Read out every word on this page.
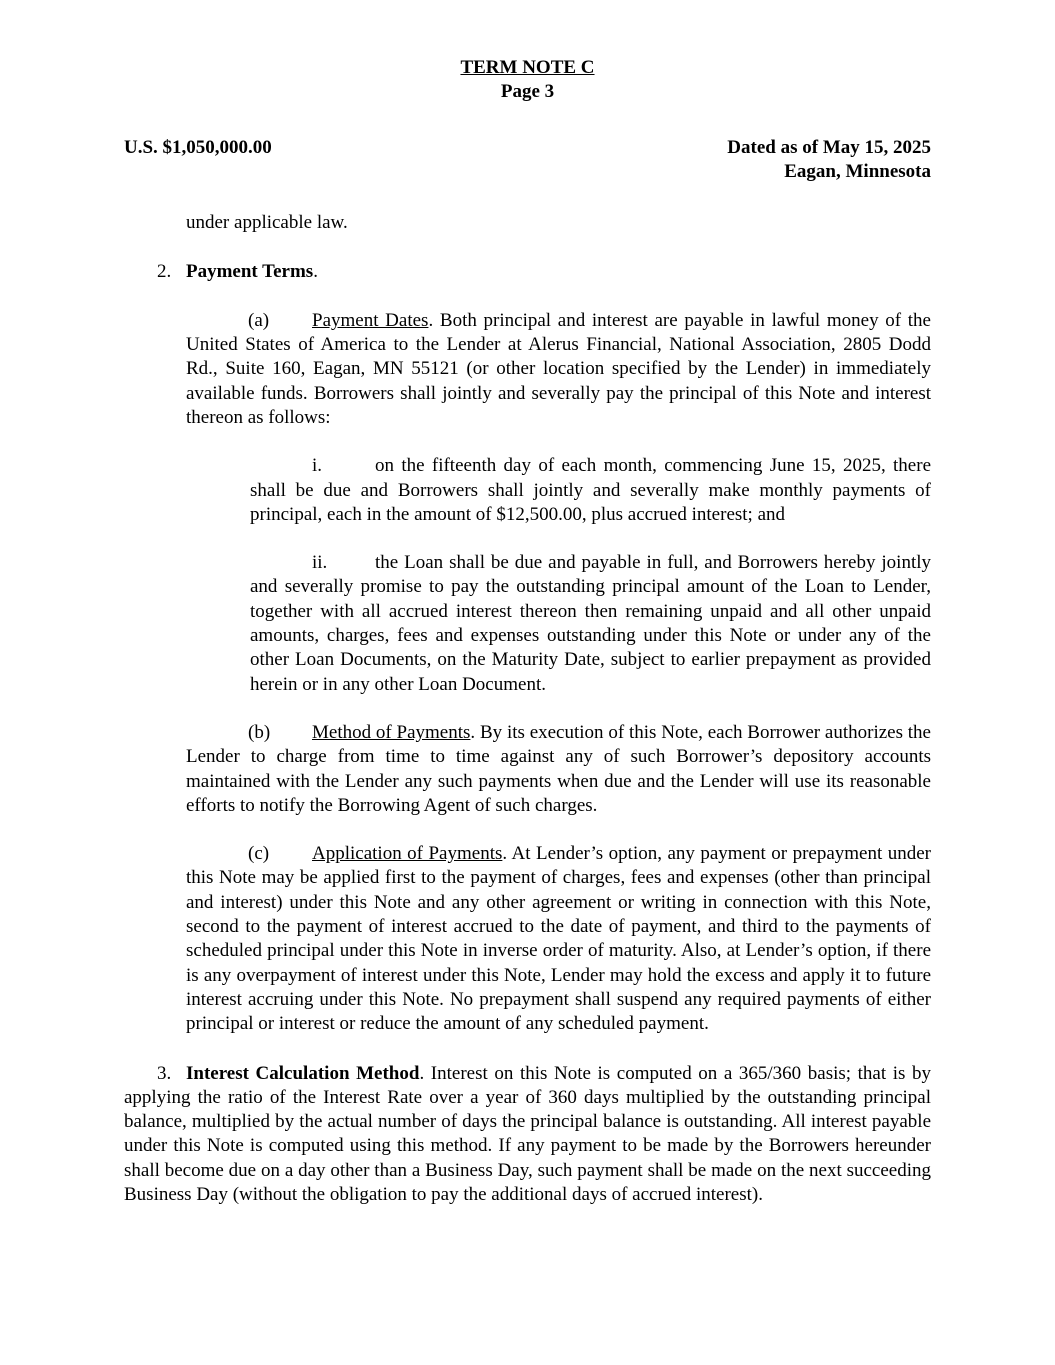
TERM NOTE C
Page 3
U.S. $1,050,000.00	Dated as of May 15, 2025
Eagan, Minnesota

under applicable law.

2. Payment Terms.

(a) Payment Dates. Both principal and interest are payable in lawful money of the United States of America to the Lender at Alerus Financial, National Association, 2805 Dodd Rd., Suite 160, Eagan, MN 55121 (or other location specified by the Lender) in immediately available funds. Borrowers shall jointly and severally pay the principal of this Note and interest thereon as follows:

i.	on the fifteenth day of each month, commencing June 15, 2025, there shall be due and Borrowers shall jointly and severally make monthly payments of principal, each in the amount of $12,500.00, plus accrued interest; and

ii.	the Loan shall be due and payable in full, and Borrowers hereby jointly and severally promise to pay the outstanding principal amount of the Loan to Lender, together with all accrued interest thereon then remaining unpaid and all other unpaid amounts, charges, fees and expenses outstanding under this Note or under any of the other Loan Documents, on the Maturity Date, subject to earlier prepayment as provided herein or in any other Loan Document.

(b) Method of Payments. By its execution of this Note, each Borrower authorizes the Lender to charge from time to time against any of such Borrower’s depository accounts maintained with the Lender any such payments when due and the Lender will use its reasonable efforts to notify the Borrowing Agent of such charges.

(c) Application of Payments. At Lender’s option, any payment or prepayment under this Note may be applied first to the payment of charges, fees and expenses (other than principal and interest) under this Note and any other agreement or writing in connection with this Note, second to the payment of interest accrued to the date of payment, and third to the payments of scheduled principal under this Note in inverse order of maturity. Also, at Lender’s option, if there is any overpayment of interest under this Note, Lender may hold the excess and apply it to future interest accruing under this Note. No prepayment shall suspend any required payments of either principal or interest or reduce the amount of any scheduled payment.

3. Interest Calculation Method. Interest on this Note is computed on a 365/360 basis; that is by applying the ratio of the Interest Rate over a year of 360 days multiplied by the outstanding principal balance, multiplied by the actual number of days the principal balance is outstanding. All interest payable under this Note is computed using this method. If any payment to be made by the Borrowers hereunder shall become due on a day other than a Business Day, such payment shall be made on the next succeeding Business Day (without the obligation to pay the additional days of accrued interest).
